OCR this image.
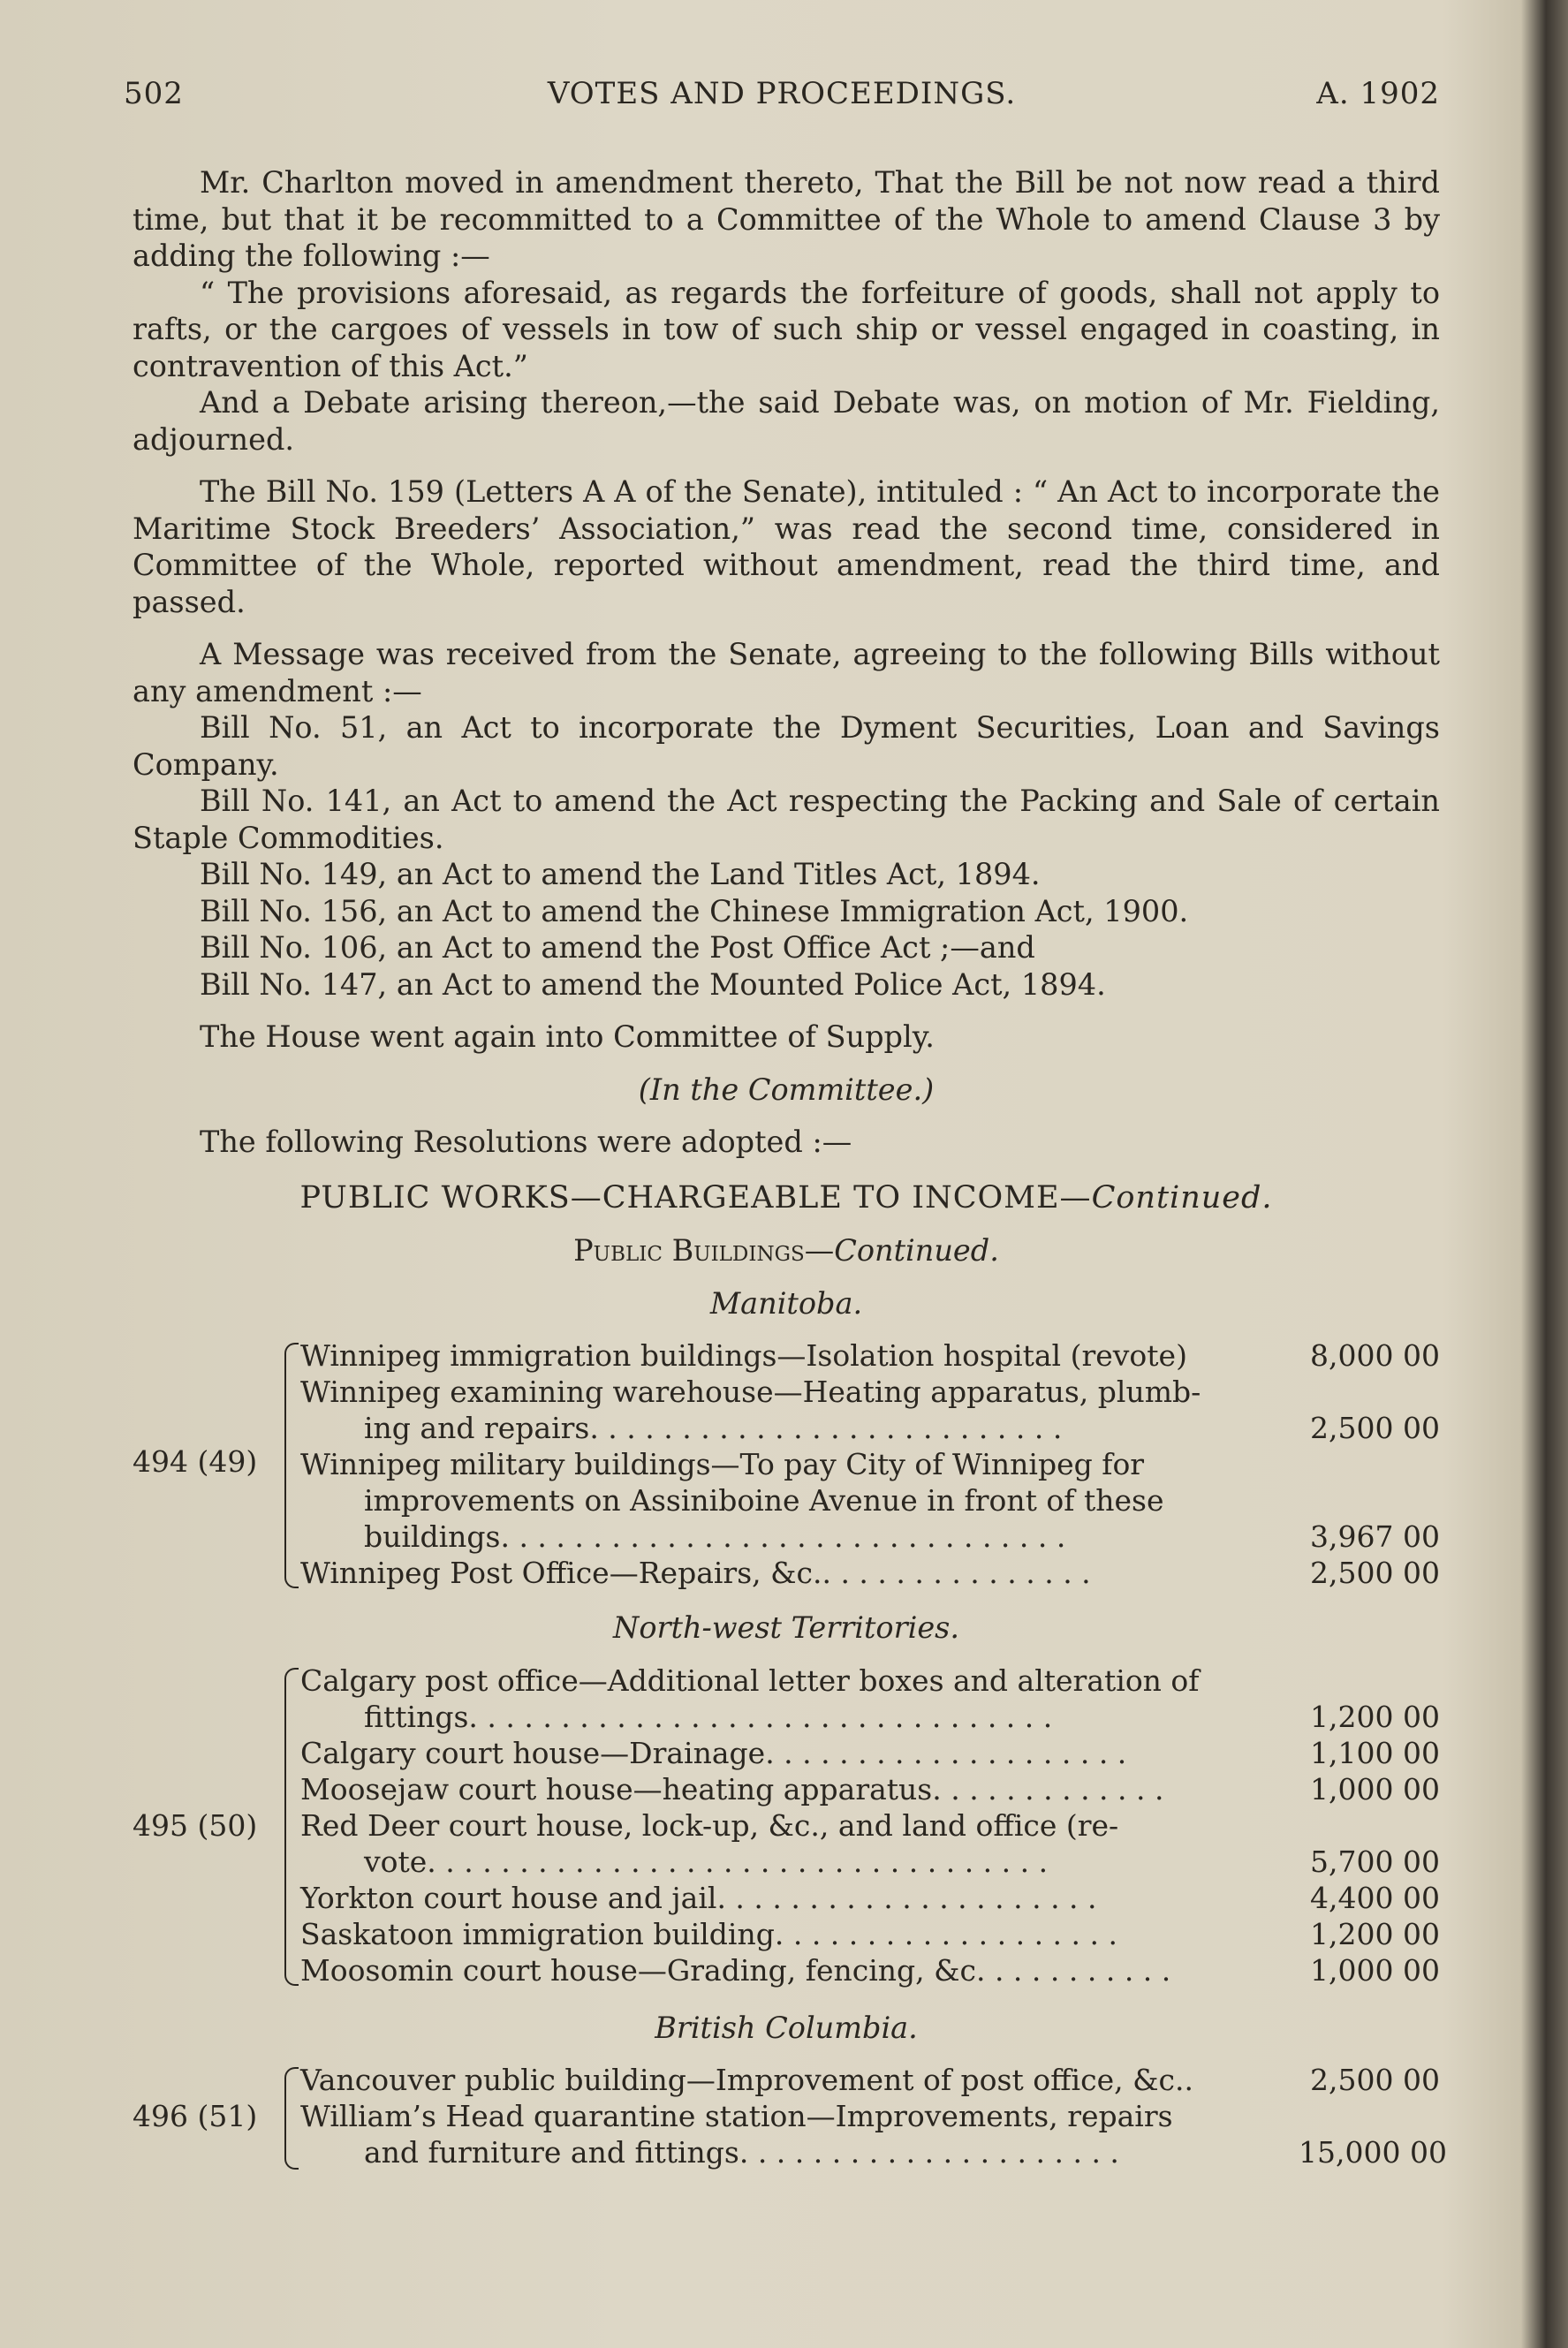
502	VOTES AND PROCEEDINGS.	A. 1902

Mr. Charlton moved in amendment thereto, That the Bill be not now read a third time, but that it be recommitted to a Committee of the Whole to amend Clause 3 by adding the following :—

“ The provisions aforesaid, as regards the forfeiture of goods, shall not apply to rafts, or the cargoes of vessels in tow of such ship or vessel engaged in coasting, in contravention of this Act.”

And a Debate arising thereon,—the said Debate was, on motion of Mr. Fielding, adjourned.

The Bill No. 159 (Letters A A of the Senate), intituled : “ An Act to incorporate the Maritime Stock Breeders’ Association,” was read the second time, considered in Committee of the Whole, reported without amendment, read the third time, and passed.

A Message was received from the Senate, agreeing to the following Bills without any amendment :—

Bill No. 51, an Act to incorporate the Dyment Securities, Loan and Savings Company.

Bill No. 141, an Act to amend the Act respecting the Packing and Sale of certain Staple Commodities.

Bill No. 149, an Act to amend the Land Titles Act, 1894.

Bill No. 156, an Act to amend the Chinese Immigration Act, 1900.

Bill No. 106, an Act to amend the Post Office Act ;—and

Bill No. 147, an Act to amend the Mounted Police Act, 1894.

The House went again into Committee of Supply.

(In the Committee.)

The following Resolutions were adopted :—

PUBLIC WORKS—CHARGEABLE TO INCOME—Continued.

Public Buildings—Continued.

Manitoba.

494 (49)
Winnipeg immigration buildings—Isolation hospital (revote)	8,000 00
Winnipeg examining warehouse—Heating apparatus, plumb-
ing and repairs. . . . . . . . . . . . . . . . . . . . . . . . . .	2,500 00
Winnipeg military buildings—To pay City of Winnipeg for
improvements on Assiniboine Avenue in front of these
buildings. . . . . . . . . . . . . . . . . . . . . . . . . . . . . . .	3,967 00
Winnipeg Post Office—Repairs, &c.. . . . . . . . . . . . . . .	2,500 00

North-west Territories.

495 (50)
Calgary post office—Additional letter boxes and alteration of
fittings. . . . . . . . . . . . . . . . . . . . . . . . . . . . . . . .	1,200 00
Calgary court house—Drainage. . . . . . . . . . . . . . . . . . . .	1,100 00
Moosejaw court house—heating apparatus. . . . . . . . . . . . .	1,000 00
Red Deer court house, lock-up, &c., and land office (re-
vote. . . . . . . . . . . . . . . . . . . . . . . . . . . . . . . . . .	5,700 00
Yorkton court house and jail. . . . . . . . . . . . . . . . . . . . .	4,400 00
Saskatoon immigration building. . . . . . . . . . . . . . . . . . .	1,200 00
Moosomin court house—Grading, fencing, &c. . . . . . . . . . .	1,000 00

British Columbia.

496 (51)
Vancouver public building—Improvement of post office, &c..	2,500 00
William’s Head quarantine station—Improvements, repairs
and furniture and fittings. . . . . . . . . . . . . . . . . . . . .	15,000 00
